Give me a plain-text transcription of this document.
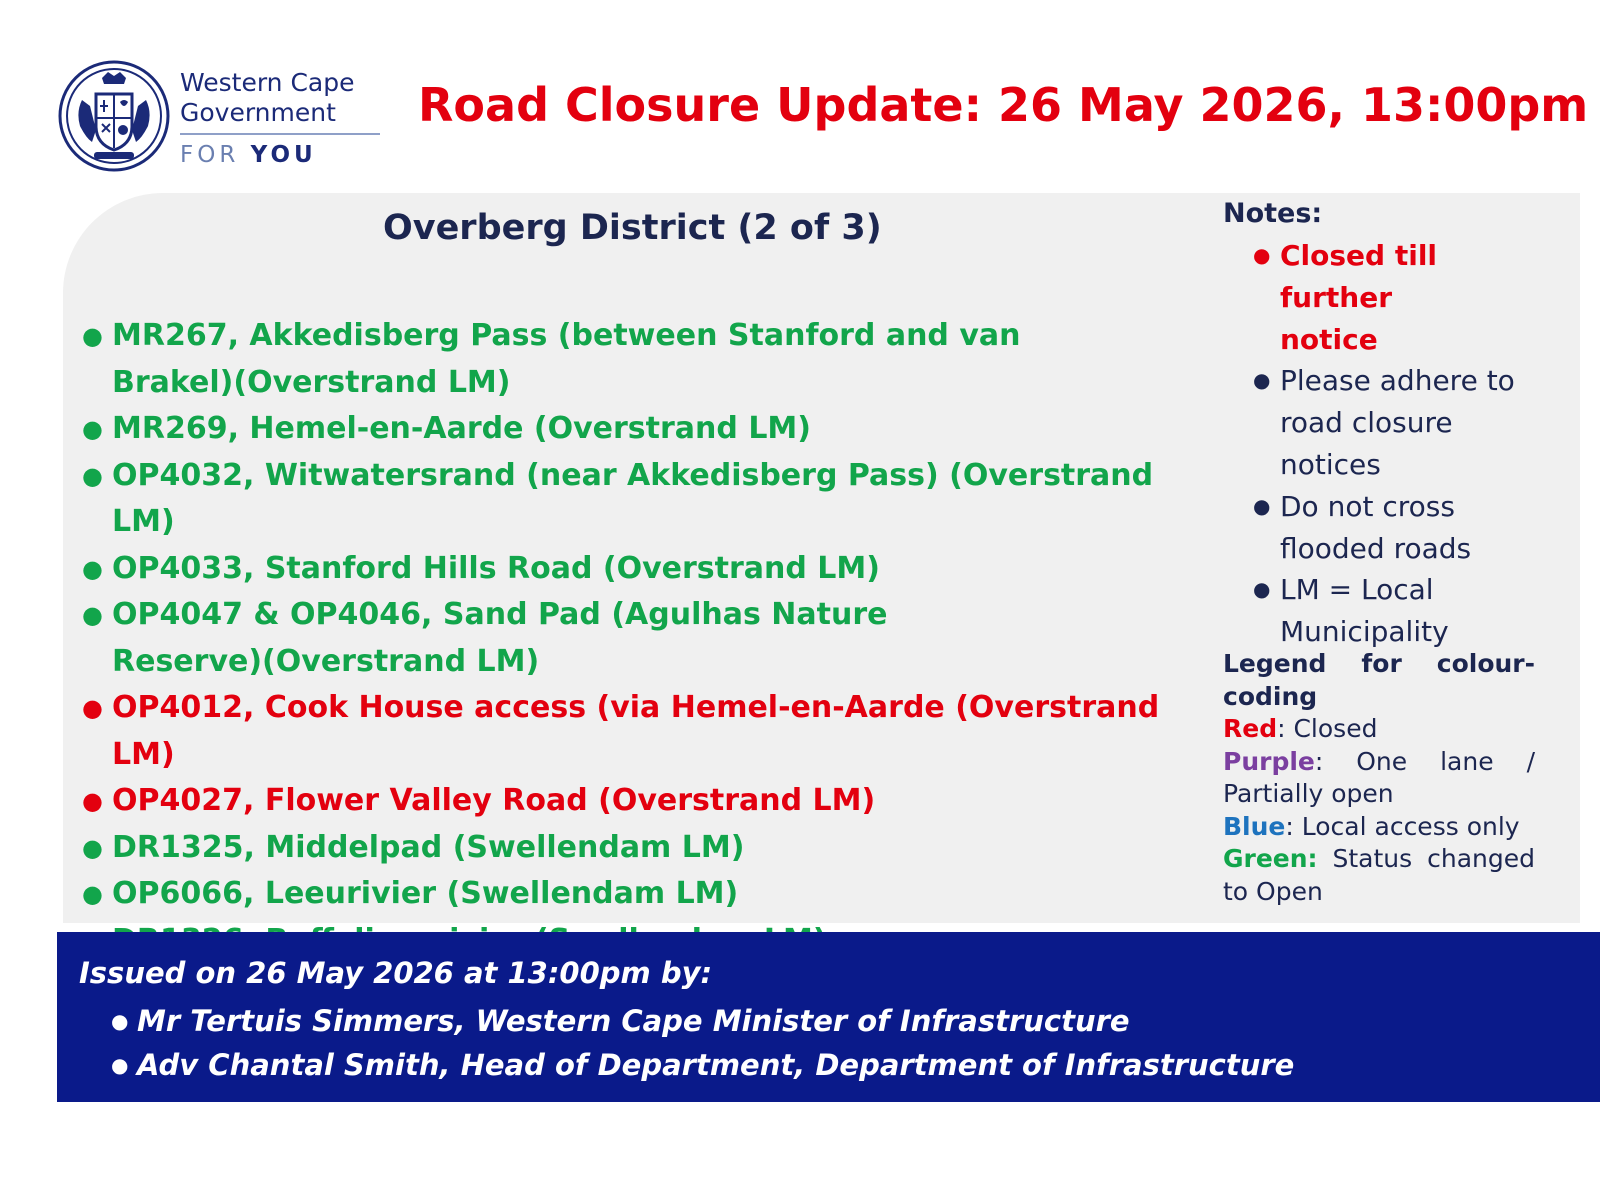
Western Cape
Government
FOR YOU
Road Closure Update: 26 May 2026, 13:00pm
Overberg District (2 of 3)
● MR267, Akkedisberg Pass (between Stanford and van
Brakel)(Overstrand LM)
● MR269, Hemel-en-Aarde (Overstrand LM)
● OP4032, Witwatersrand (near Akkedisberg Pass) (Overstrand LM)
● OP4033, Stanford Hills Road (Overstrand LM)
● OP4047 & OP4046, Sand Pad (Agulhas Nature
Reserve)(Overstrand LM)
● OP4012, Cook House access (via Hemel-en-Aarde (Overstrand
LM)
● OP4027, Flower Valley Road (Overstrand LM)
● DR1325, Middelpad (Swellendam LM)
● OP6066, Leeurivier (Swellendam LM)
Notes:
● Closed till further
notice
● Please adhere to
road closure
notices
● Do not cross
flooded roads
● LM = Local
Municipality
Legend for colour-
coding
Red: Closed
Purple: One lane /
Partially open
Blue: Local access only
Green: Status changed
to Open
Issued on 26 May 2026 at 13:00pm by:
● Mr Tertuis Simmers, Western Cape Minister of Infrastructure
● Adv Chantal Smith, Head of Department, Department of Infrastructure
